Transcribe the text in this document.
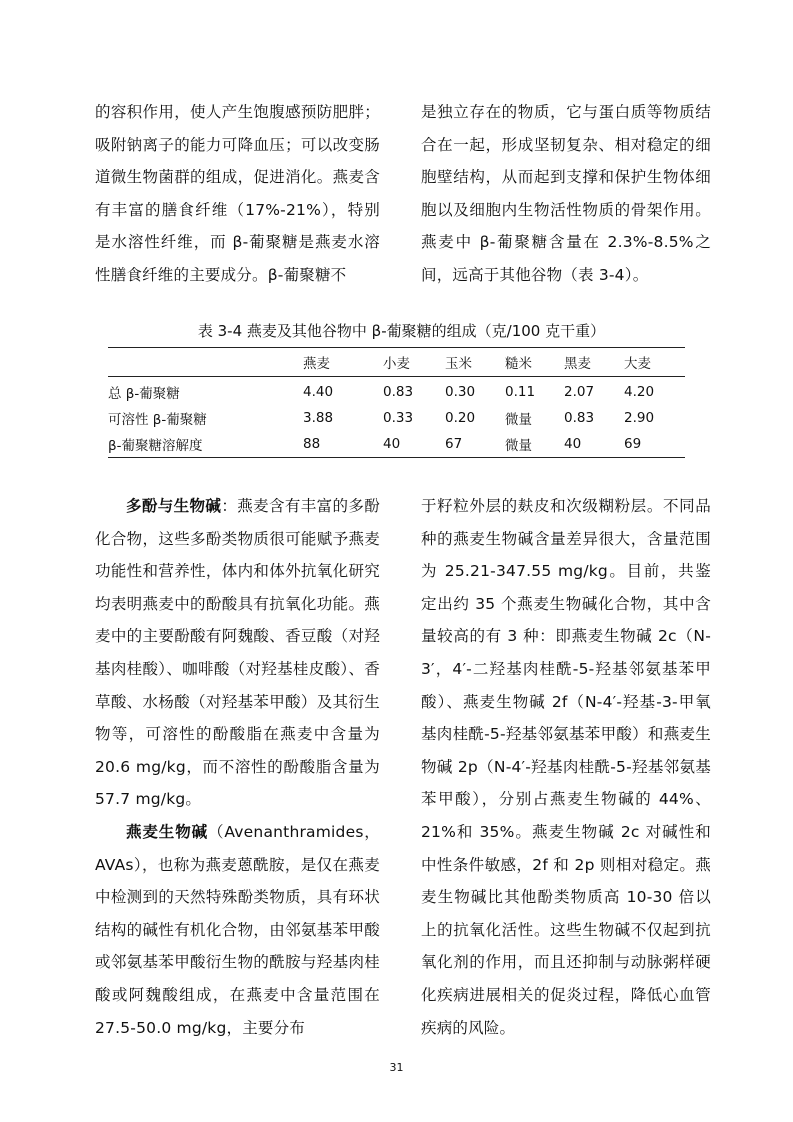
的容积作用，使人产生饱腹感预防肥胖；吸附钠离子的能力可降血压；可以改变肠道微生物菌群的组成，促进消化。燕麦含有丰富的膳食纤维（17%-21%），特别是水溶性纤维，而 β-葡聚糖是燕麦水溶性膳食纤维的主要成分。β-葡聚糖不

是独立存在的物质，它与蛋白质等物质结合在一起，形成坚韧复杂、相对稳定的细胞壁结构，从而起到支撑和保护生物体细胞以及细胞内生物活性物质的骨架作用。燕麦中 β-葡聚糖含量在 2.3%-8.5%之间，远高于其他谷物（表 3-4）。

表 3-4 燕麦及其他谷物中 β-葡聚糖的组成（克/100 克干重）
	燕麦	小麦	玉米	糙米	黑麦	大麦
总 β-葡聚糖	4.40	0.83	0.30	0.11	2.07	4.20
可溶性 β-葡聚糖	3.88	0.33	0.20	微量	0.83	2.90
β-葡聚糖溶解度	88	40	67	微量	40	69

多酚与生物碱：燕麦含有丰富的多酚化合物，这些多酚类物质很可能赋予燕麦功能性和营养性，体内和体外抗氧化研究均表明燕麦中的酚酸具有抗氧化功能。燕麦中的主要酚酸有阿魏酸、香豆酸（对羟基肉桂酸）、咖啡酸（对羟基桂皮酸）、香草酸、水杨酸（对羟基苯甲酸）及其衍生物等，可溶性的酚酸脂在燕麦中含量为 20.6 mg/kg，而不溶性的酚酸脂含量为 57.7 mg/kg。

燕麦生物碱（Avenanthramides，AVAs），也称为燕麦蒽酰胺，是仅在燕麦中检测到的天然特殊酚类物质，具有环状结构的碱性有机化合物，由邻氨基苯甲酸或邻氨基苯甲酸衍生物的酰胺与羟基肉桂酸或阿魏酸组成，在燕麦中含量范围在 27.5-50.0 mg/kg，主要分布

于籽粒外层的麸皮和次级糊粉层。不同品种的燕麦生物碱含量差异很大，含量范围为 25.21-347.55 mg/kg。目前，共鉴定出约 35 个燕麦生物碱化合物，其中含量较高的有 3 种：即燕麦生物碱 2c（N-3′，4′-二羟基肉桂酰-5-羟基邻氨基苯甲酸）、燕麦生物碱 2f（N-4′-羟基-3-甲氧基肉桂酰-5-羟基邻氨基苯甲酸）和燕麦生物碱 2p（N-4′-羟基肉桂酰-5-羟基邻氨基苯甲酸），分别占燕麦生物碱的 44%、21%和 35%。燕麦生物碱 2c 对碱性和中性条件敏感，2f 和 2p 则相对稳定。燕麦生物碱比其他酚类物质高 10-30 倍以上的抗氧化活性。这些生物碱不仅起到抗氧化剂的作用，而且还抑制与动脉粥样硬化疾病进展相关的促炎过程，降低心血管疾病的风险。

31
